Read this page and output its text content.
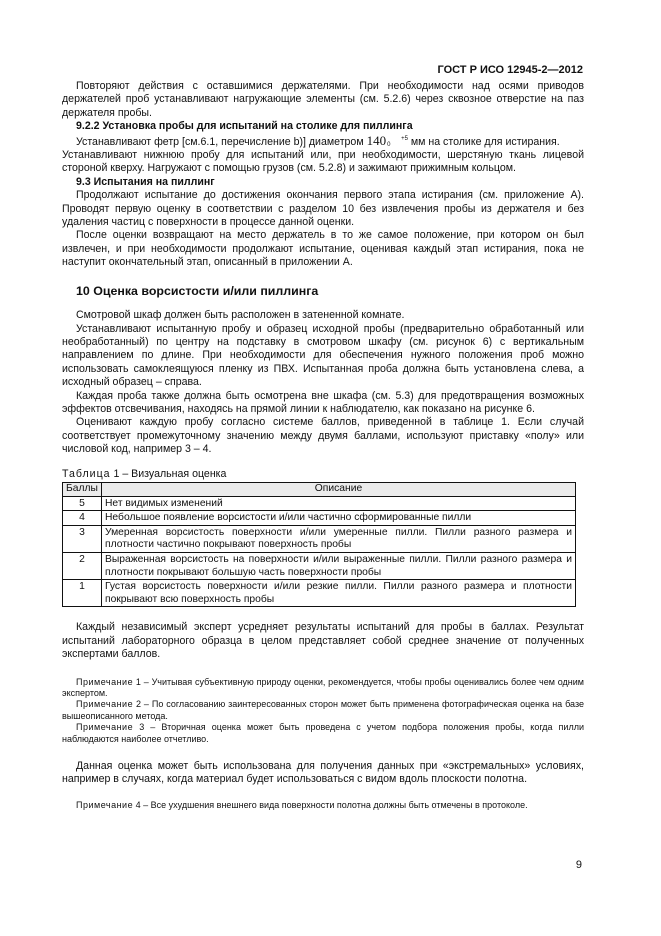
ГОСТ Р ИСО 12945-2—2012

Повторяют действия с оставшимися держателями. При необходимости над осями приводов держателей проб устанавливают нагружающие элементы (см. 5.2.6) через сквозное отверстие на паз держателя пробы.

9.2.2 Установка пробы для испытаний на столике для пиллинга

Устанавливают фетр [см.6.1, перечисление b)] диаметром 140	+5
0 мм на столике для истирания.

Устанавливают нижнюю пробу для испытаний или, при необходимости, шерстяную ткань лицевой стороной кверху. Нагружают с помощью грузов (см. 5.2.8) и зажимают прижимным кольцом.

9.3 Испытания на пиллинг

Продолжают испытание до достижения окончания первого этапа истирания (см. приложение А). Проводят первую оценку в соответствии с разделом 10 без извлечения пробы из держателя и без удаления частиц с поверхности в процессе данной оценки.

После оценки возвращают на место держатель в то же самое положение, при котором он был извлечен, и при необходимости продолжают испытание, оценивая каждый этап истирания, пока не наступит окончательный этап, описанный в приложении А.

10 Оценка ворсистости и/или пиллинга

Смотровой шкаф должен быть расположен в затененной комнате.

Устанавливают испытанную пробу и образец исходной пробы (предварительно обработанный или необработанный) по центру на подставку в смотровом шкафу (см. рисунок 6) с вертикальным направлением по длине. При необходимости для обеспечения нужного положения проб можно использовать самоклеящуюся пленку из ПВХ. Испытанная проба должна быть установлена слева, а исходный образец – справа.

Каждая проба также должна быть осмотрена вне шкафа (см. 5.3) для предотвращения возможных эффектов отсвечивания, находясь на прямой линии к наблюдателю, как показано на рисунке 6.

Оценивают каждую пробу согласно системе баллов, приведенной в таблице 1. Если случай соответствует промежуточному значению между двумя баллами, используют приставку «полу» или числовой код, например 3 – 4.

Таблица 1 – Визуальная оценка
Баллы	Описание
5	Нет видимых изменений
4	Небольшое появление ворсистости и/или частично сформированные пилли
3	Умеренная ворсистость поверхности и/или умеренные пилли. Пилли разного размера и плотности частично покрывают поверхность пробы
2	Выраженная ворсистость на поверхности и/или выраженные пилли. Пилли разного размера и плотности покрывают большую часть поверхности пробы
1	Густая ворсистость поверхности и/или резкие пилли. Пилли разного размера и плотности покрывают всю поверхность пробы

Каждый независимый эксперт усредняет результаты испытаний для пробы в баллах. Результат испытаний лабораторного образца в целом представляет собой среднее значение от полученных экспертами баллов.

Примечание 1 – Учитывая субъективную природу оценки, рекомендуется, чтобы пробы оценивались более чем одним экспертом.

Примечание 2 – По согласованию заинтересованных сторон может быть применена фотографическая оценка на базе вышеописанного метода.

Примечание 3 – Вторичная оценка может быть проведена с учетом подбора положения пробы, когда пилли наблюдаются наиболее отчетливо.

Данная оценка может быть использована для получения данных при «экстремальных» условиях, например в случаях, когда материал будет использоваться с видом вдоль плоскости полотна.

Примечание 4 – Все ухудшения внешнего вида поверхности полотна должны быть отмечены в протоколе.

9
